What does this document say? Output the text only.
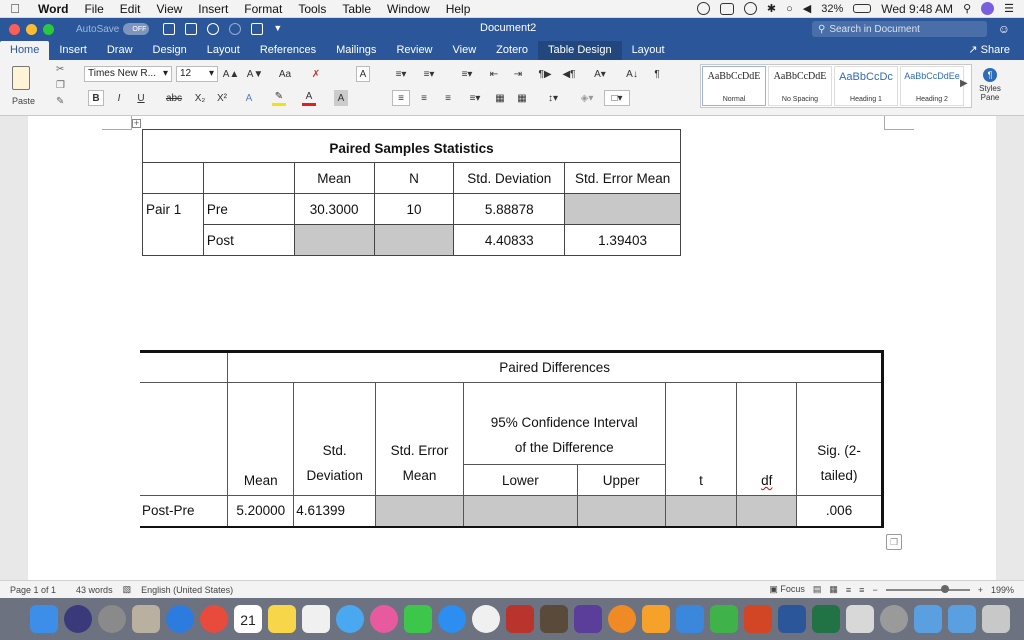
Word	File	Edit	View	Insert	Format	Tools	Table	Window	Help	✱ ○ ◀ 32%	Wed 9:48 AM ⚲	☰
AutoSave	OFF	▼	Document2	⚲ Search in Document	☺
Home	Insert	Draw	Design	Layout	References	Mailings	Review	View	Zotero	Table Design	Layout	↗ Share
Paste
✂
❐
✎
Times New R... ▾ 12 ▾ A▲ A▼ Aa	✗	A
B	I	U	abc X₂	X²	A	✎	A	A
≡▾	≡▾	≡▾	⇤	⇥	¶▶ ◀¶ A▾ A↓	¶
≡	≡	≡	≡▾	▦	▦	↕▾	◈▾	□▾
AaBbCcDdE
Normal
AaBbCcDdE
No Spacing
AaBbCcDc
Heading 1
AaBbCcDdEe
Heading 2
▶
¶
Styles Pane
+
Paired Samples Statistics					
		Mean	N	Std. Deviation	Std. Error Mean
Pair 1	Pre	30.3000	10	5.88878	
	Post			4.40833	1.39403
	Paired Differences							
	Mean	Std.
Deviation	Std. Error
Mean	95% Confidence Interval of the Difference		t	df	Sig. (2-
tailed)
				Lower	Upper			
Post-Pre	5.20000	4.61399						.006
❐
Page 1 of 1	43 words	▧	English (United States)	▣ Focus ▤ ▦ ≡ ≡ −	+ 199%

21
